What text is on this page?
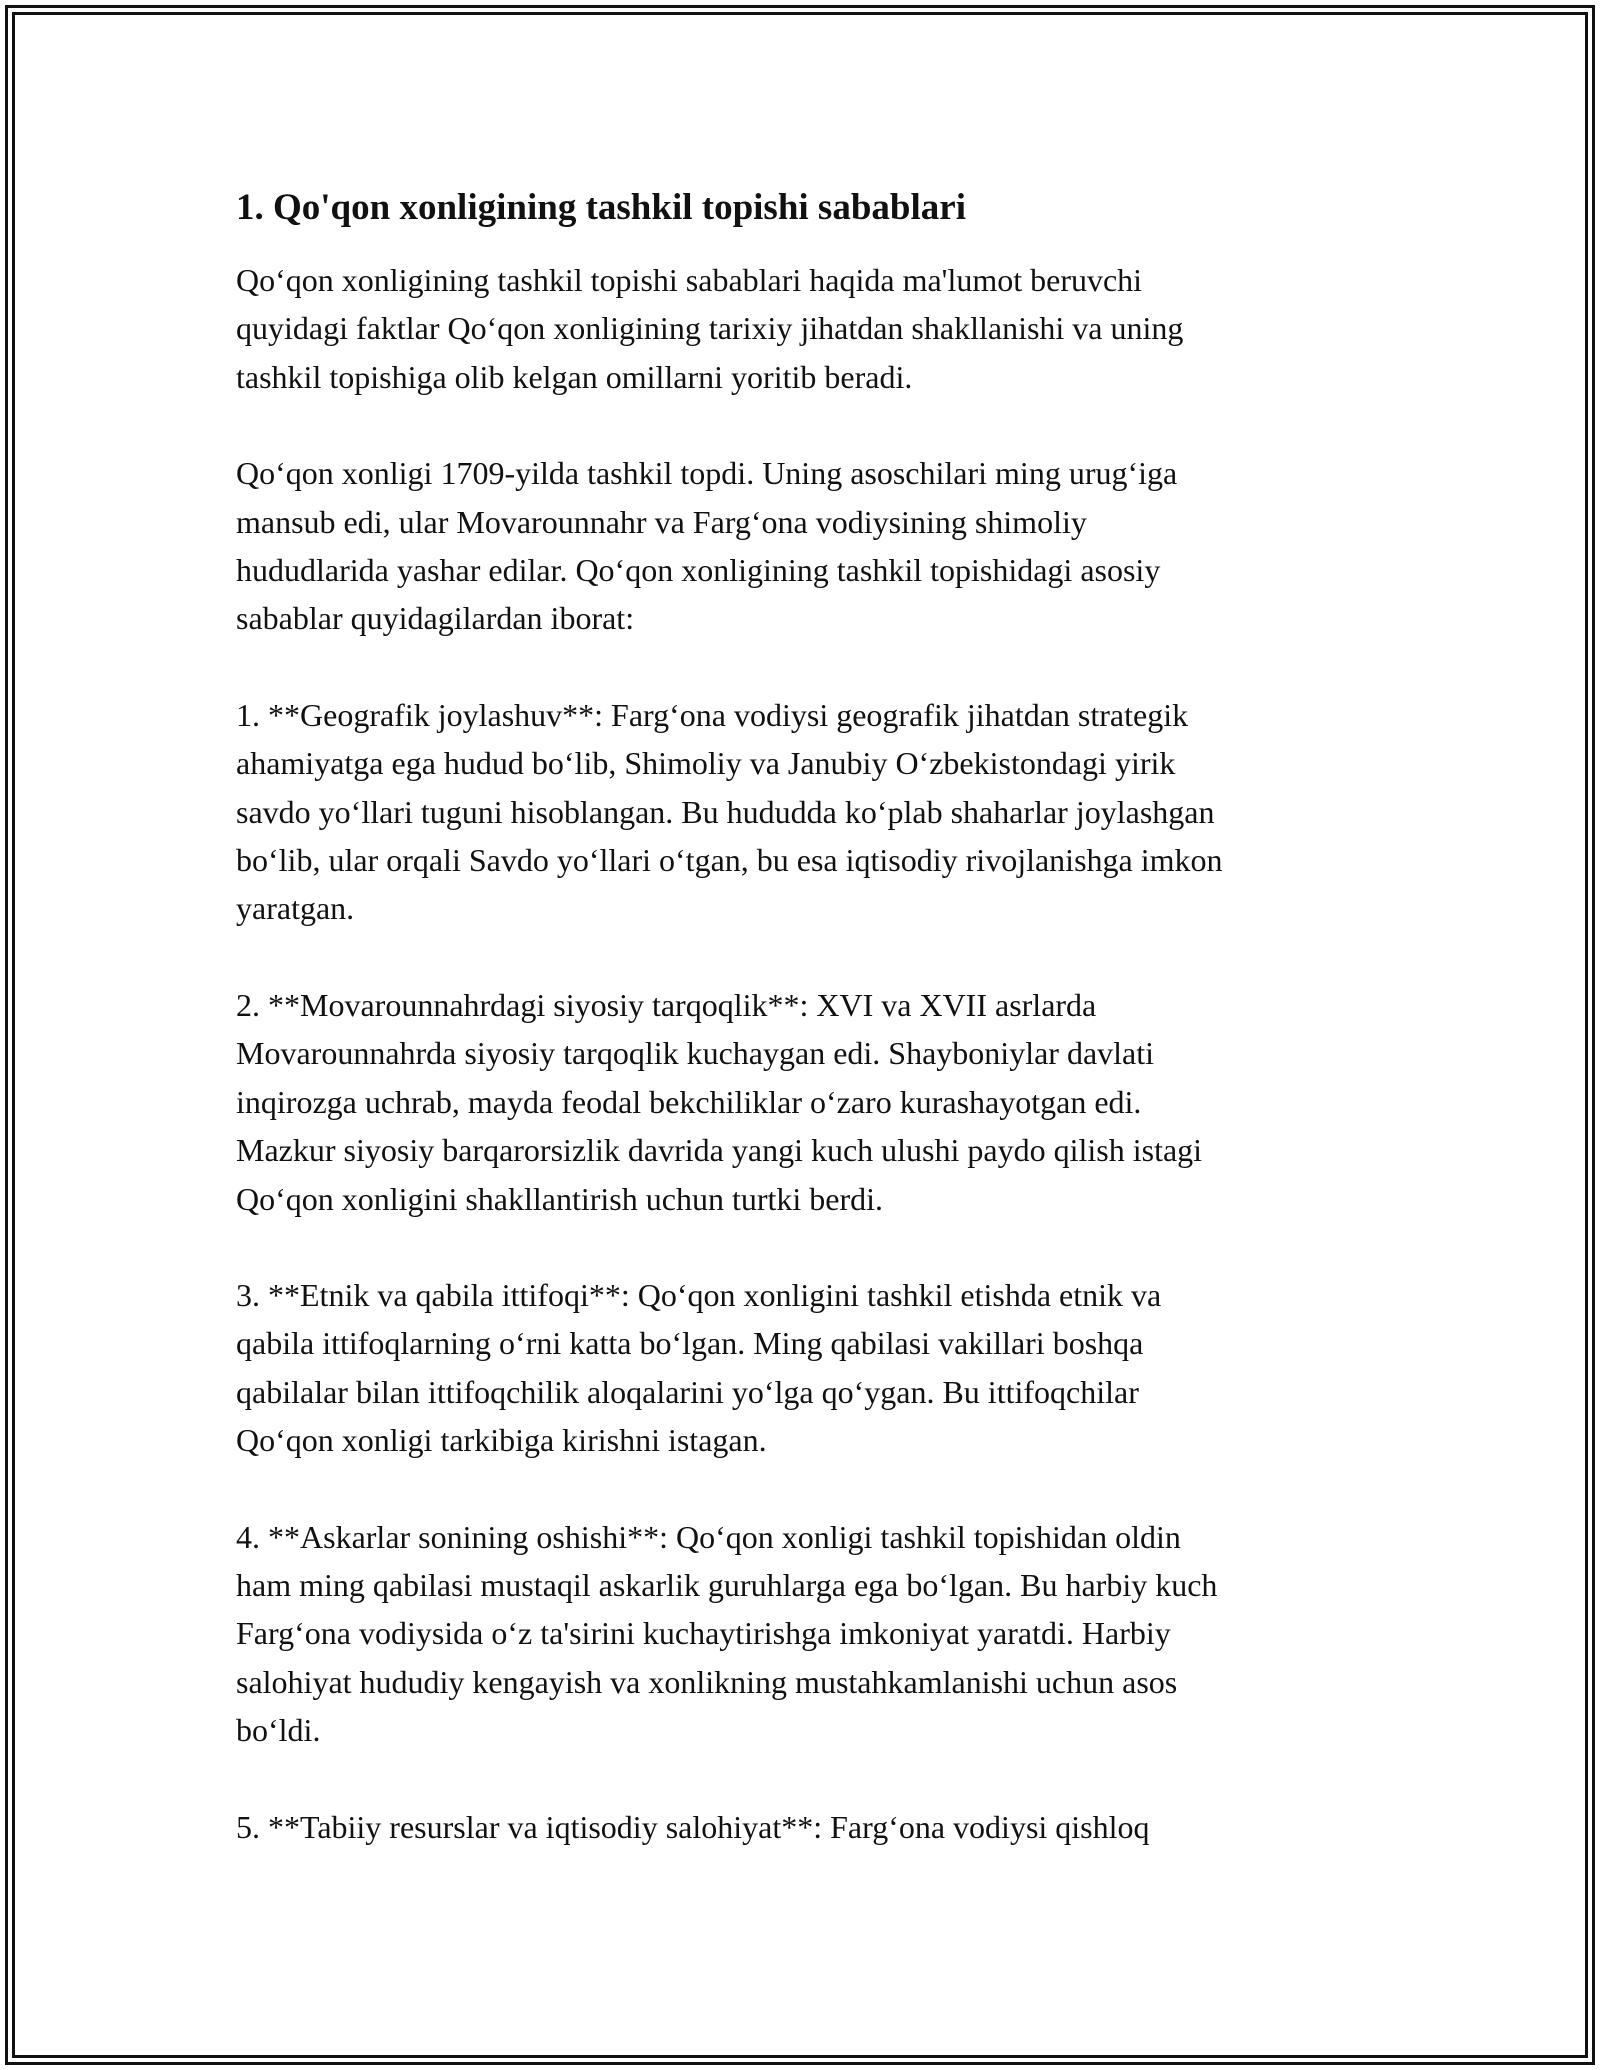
1. Qo'qon xonligining tashkil topishi sabablari

Qo‘qon xonligining tashkil topishi sabablari haqida ma'lumot beruvchi
quyidagi faktlar Qo‘qon xonligining tarixiy jihatdan shakllanishi va uning
tashkil topishiga olib kelgan omillarni yoritib beradi.

Qo‘qon xonligi 1709-yilda tashkil topdi. Uning asoschilari ming urug‘iga
mansub edi, ular Movarounnahr va Farg‘ona vodiysining shimoliy
hududlarida yashar edilar. Qo‘qon xonligining tashkil topishidagi asosiy
sabablar quyidagilardan iborat:

1. **Geografik joylashuv**: Farg‘ona vodiysi geografik jihatdan strategik
ahamiyatga ega hudud bo‘lib, Shimoliy va Janubiy O‘zbekistondagi yirik
savdo yo‘llari tuguni hisoblangan. Bu hududda ko‘plab shaharlar joylashgan
bo‘lib, ular orqali Savdo yo‘llari o‘tgan, bu esa iqtisodiy rivojlanishga imkon
yaratgan.

2. **Movarounnahrdagi siyosiy tarqoqlik**: XVI va XVII asrlarda
Movarounnahrda siyosiy tarqoqlik kuchaygan edi. Shayboniylar davlati
inqirozga uchrab, mayda feodal bekchiliklar o‘zaro kurashayotgan edi.
Mazkur siyosiy barqarorsizlik davrida yangi kuch ulushi paydo qilish istagi
Qo‘qon xonligini shakllantirish uchun turtki berdi.

3. **Etnik va qabila ittifoqi**: Qo‘qon xonligini tashkil etishda etnik va
qabila ittifoqlarning o‘rni katta bo‘lgan. Ming qabilasi vakillari boshqa
qabilalar bilan ittifoqchilik aloqalarini yo‘lga qo‘ygan. Bu ittifoqchilar
Qo‘qon xonligi tarkibiga kirishni istagan.

4. **Askarlar sonining oshishi**: Qo‘qon xonligi tashkil topishidan oldin
ham ming qabilasi mustaqil askarlik guruhlarga ega bo‘lgan. Bu harbiy kuch
Farg‘ona vodiysida o‘z ta'sirini kuchaytirishga imkoniyat yaratdi. Harbiy
salohiyat hududiy kengayish va xonlikning mustahkamlanishi uchun asos
bo‘ldi.

5. **Tabiiy resurslar va iqtisodiy salohiyat**: Farg‘ona vodiysi qishloq
